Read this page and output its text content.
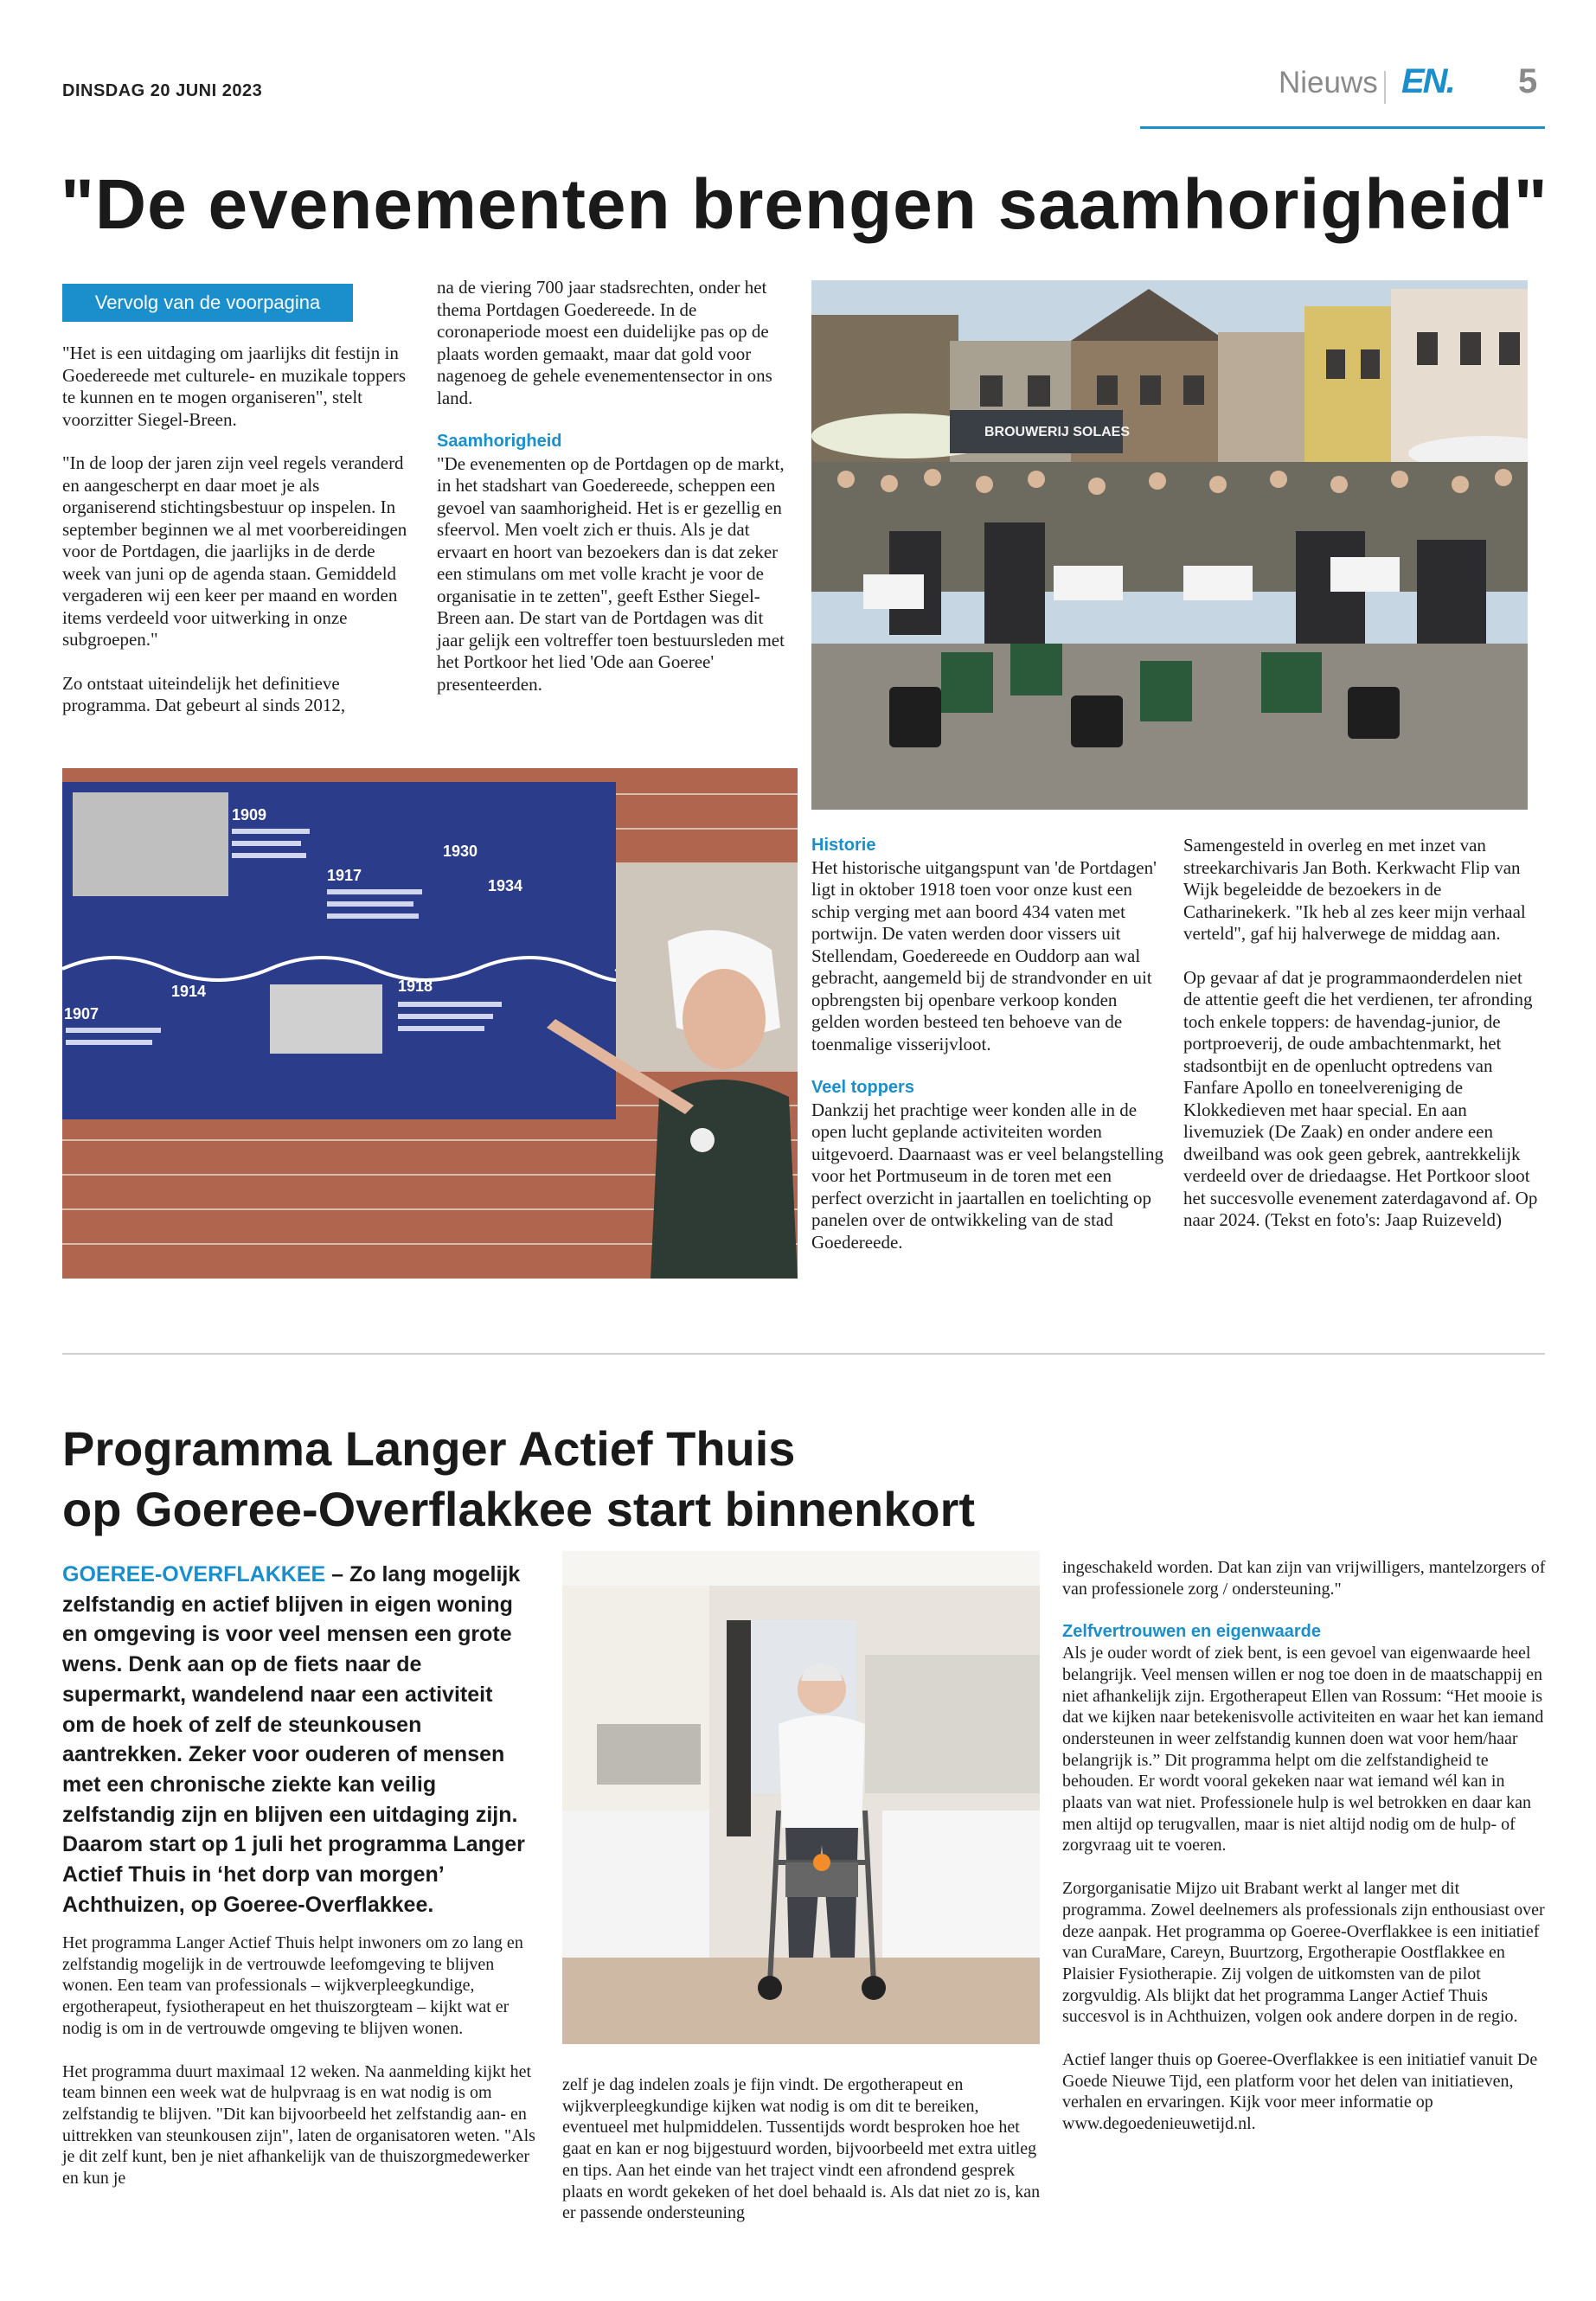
DINSDAG 20 JUNI 2023	Nieuws EN. 5
"De evenementen brengen saamhorigheid"
Vervolg van de voorpagina

"Het is een uitdaging om jaarlijks dit festijn in Goedereede met culturele- en muzikale toppers te kunnen en te mogen organiseren", stelt voorzitter Siegel-Breen.

"In de loop der jaren zijn veel regels veranderd en aangescherpt en daar moet je als organiserend stichtingsbestuur op inspelen. In september beginnen we al met voorbereidingen voor de Portdagen, die jaarlijks in de derde week van juni op de agenda staan. Gemiddeld vergaderen wij een keer per maand en worden items verdeeld voor uitwerking in onze subgroepen."

Zo ontstaat uiteindelijk het definitieve programma. Dat gebeurt al sinds 2012,

na de viering 700 jaar stadsrechten, onder het thema Portdagen Goedereede. In de coronaperiode moest een duidelijke pas op de plaats worden gemaakt, maar dat gold voor nagenoeg de gehele evenementensector in ons land.

Saamhorigheid

"De evenementen op de Portdagen op de markt, in het stadshart van Goedereede, scheppen een gevoel van saamhorigheid. Het is er gezellig en sfeervol. Men voelt zich er thuis. Als je dat ervaart en hoort van bezoekers dan is dat zeker een stimulans om met volle kracht je voor de organisatie in te zetten", geeft Esther Siegel-Breen aan. De start van de Portdagen was dit jaar gelijk een voltreffer toen bestuursleden met het Portkoor het lied 'Ode aan Goeree' presenteerden.

BROUWERIJ SOLAES
1909
1917
1930
1934
1914	1918
1907
Historie

Het historische uitgangspunt van 'de Portdagen' ligt in oktober 1918 toen voor onze kust een schip verging met aan boord 434 vaten met portwijn. De vaten werden door vissers uit Stellendam, Goedereede en Ouddorp aan wal gebracht, aangemeld bij de strandvonder en uit opbrengsten bij openbare verkoop konden gelden worden besteed ten behoeve van de toenmalige visserijvloot.

Veel toppers

Dankzij het prachtige weer konden alle in de open lucht geplande activiteiten worden uitgevoerd. Daarnaast was er veel belangstelling voor het Portmuseum in de toren met een perfect overzicht in jaartallen en toelichting op panelen over de ontwikkeling van de stad Goedereede.

Samengesteld in overleg en met inzet van streekarchivaris Jan Both. Kerkwacht Flip van Wijk begeleidde de bezoekers in de Catharinekerk. "Ik heb al zes keer mijn verhaal verteld", gaf hij halverwege de middag aan.

Op gevaar af dat je programmaonderdelen niet de attentie geeft die het verdienen, ter afronding toch enkele toppers: de havendag-junior, de portproeverij, de oude ambachtenmarkt, het stadsontbijt en de openlucht optredens van Fanfare Apollo en toneelvereniging de Klokkedieven met haar special. En aan livemuziek (De Zaak) en onder andere een dweilband was ook geen gebrek, aantrekkelijk verdeeld over de driedaagse. Het Portkoor sloot het succesvolle evenement zaterdagavond af. Op naar 2024. (Tekst en foto's: Jaap Ruizeveld)

Programma Langer Actief Thuis
op Goeree-Overflakkee start binnenkort
GOEREE-OVERFLAKKEE – Zo lang mogelijk zelfstandig en actief blijven in eigen woning en omgeving is voor veel mensen een grote wens. Denk aan op de fiets naar de supermarkt, wandelend naar een activiteit om de hoek of zelf de steunkousen aantrekken. Zeker voor ouderen of mensen met een chronische ziekte kan veilig zelfstandig zijn en blijven een uitdaging zijn. Daarom start op 1 juli het programma Langer Actief Thuis in ‘het dorp van morgen’ Achthuizen, op Goeree-Overflakkee.

Het programma Langer Actief Thuis helpt inwoners om zo lang en zelfstandig mogelijk in de vertrouwde leefomgeving te blijven wonen. Een team van professionals – wijkverpleegkundige, ergotherapeut, fysiotherapeut en het thuiszorgteam – kijkt wat er nodig is om in de vertrouwde omgeving te blijven wonen.

Het programma duurt maximaal 12 weken. Na aanmelding kijkt het team binnen een week wat de hulpvraag is en wat nodig is om zelfstandig te blijven. "Dit kan bijvoorbeeld het zelfstandig aan- en uittrekken van steunkousen zijn", laten de organisatoren weten. "Als je dit zelf kunt, ben je niet afhankelijk van de thuiszorgmedewerker en kun je

zelf je dag indelen zoals je fijn vindt. De ergotherapeut en wijkverpleegkundige kijken wat nodig is om dit te bereiken, eventueel met hulpmiddelen. Tussentijds wordt besproken hoe het gaat en kan er nog bijgestuurd worden, bijvoorbeeld met extra uitleg en tips. Aan het einde van het traject vindt een afrondend gesprek plaats en wordt gekeken of het doel behaald is. Als dat niet zo is, kan er passende ondersteuning

ingeschakeld worden. Dat kan zijn van vrijwilligers, mantelzorgers of van professionele zorg / ondersteuning."

Zelfvertrouwen en eigenwaarde

Als je ouder wordt of ziek bent, is een gevoel van eigenwaarde heel belangrijk. Veel mensen willen er nog toe doen in de maatschappij en niet afhankelijk zijn. Ergotherapeut Ellen van Rossum: “Het mooie is dat we kijken naar betekenisvolle activiteiten en waar het kan iemand ondersteunen in weer zelfstandig kunnen doen wat voor hem/haar belangrijk is.” Dit programma helpt om die zelfstandigheid te behouden. Er wordt vooral gekeken naar wat iemand wél kan in plaats van wat niet. Professionele hulp is wel betrokken en daar kan men altijd op terugvallen, maar is niet altijd nodig om de hulp- of zorgvraag uit te voeren.

Zorgorganisatie Mijzo uit Brabant werkt al langer met dit programma. Zowel deelnemers als professionals zijn enthousiast over deze aanpak. Het programma op Goeree-Overflakkee is een initiatief van CuraMare, Careyn, Buurtzorg, Ergotherapie Oostflakkee en Plaisier Fysiotherapie. Zij volgen de uitkomsten van de pilot zorgvuldig. Als blijkt dat het programma Langer Actief Thuis succesvol is in Achthuizen, volgen ook andere dorpen in de regio.

Actief langer thuis op Goeree-Overflakkee is een initiatief vanuit De Goede Nieuwe Tijd, een platform voor het delen van initiatieven, verhalen en ervaringen. Kijk voor meer informatie op www.degoedenieuwetijd.nl.
